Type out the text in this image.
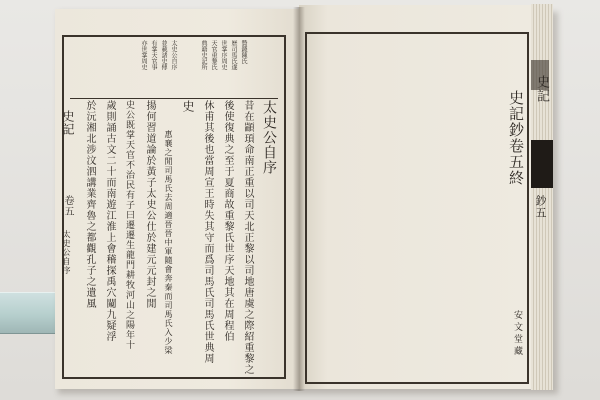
贊錢陳氏
歷司馬氏遂
世掌序周史
天官重黎氏
典籍史記所
太史公自序
並載諸史傳
有掌天官事
亦世掌周史
太史公自序
昔在顓頊命南正重以司天北正黎以司地唐虞之際紹重黎之
後使復典之至于夏商故重黎氏世序天地其在周程伯
休甫其後也當周宣王時失其守而爲司馬氏司馬氏世典周
史
惠襄之閒司馬氏去周適晉晉中軍隨會奔秦而司馬氏入少梁
揚何習道論於黃子太史公仕於建元元封之閒
史公既掌天官不治民有子曰遷遷生龍門耕牧河山之陽年十
歲則誦古文二十而南遊江淮上會稽探禹穴闚九疑浮
於沅湘北涉汶泗講業齊魯之都觀孔子之遺風
史記
卷五
太史公自序
史記鈔卷五終
安
文
堂
藏
史記
鈔五
